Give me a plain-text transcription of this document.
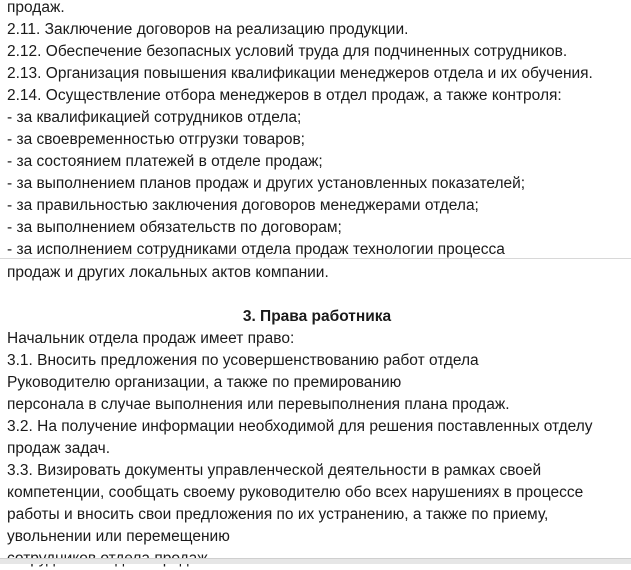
продаж.
2.11. Заключение договоров на реализацию продукции.
2.12. Обеспечение безопасных условий труда для подчиненных сотрудников.
2.13. Организация повышения квалификации менеджеров отдела и их обучения.
2.14. Осуществление отбора менеджеров в отдел продаж, а также контроля:
- за квалификацией сотрудников отдела;
- за своевременностью отгрузки товаров;
- за состоянием платежей в отделе продаж;
- за выполнением планов продаж и других установленных показателей;
- за правильностью заключения договоров менеджерами отдела;
- за выполнением обязательств по договорам;
- за исполнением сотрудниками отдела продаж технологии процесса
продаж и других локальных актов компании.
3. Права работника
Начальник отдела продаж имеет право:
3.1. Вносить предложения по усовершенствованию работ отдела
Руководителю организации, а также по премированию
персонала в случае выполнения или перевыполнения плана продаж.
3.2. На получение информации необходимой для решения поставленных отделу
продаж задач.
3.3. Визировать документы управленческой деятельности в рамках своей
компетенции, сообщать своему руководителю обо всех нарушениях в процессе
работы и вносить свои предложения по их устранению, а также по приему,
увольнении или перемещению
